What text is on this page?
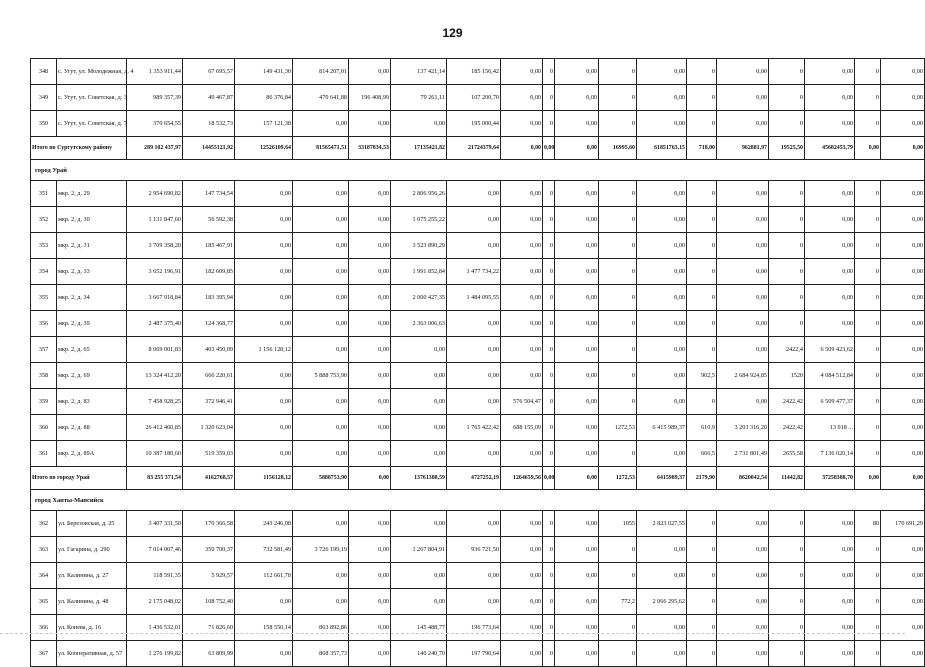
129
348	с. Угут, ул. Молодежная, д. 4	1 353 911,44	67 695,57	149 431,30	814 207,01	0,00	137 421,14	185 156,42	0,00	0	0,00	0	0,00	0	0,00	0	0,00	0	0,00
349	с. Угут, ул. Советская, д. 3	989 357,39	49 467,87	86 376,84	470 641,88	196 408,99	79 261,11	107 200,70	0,00	0	0,00	0	0,00	0	0,00	0	0,00	0	0,00
350	с. Угут, ул. Советская, д. 7	370 654,55	18 532,73	157 121,38	0,00	0,00	0,00	195 000,44	0,00	0	0,00	0	0,00	0	0,00	0	0,00	0	0,00
Итого по Сургутскому району		289 102 437,97	14455121,92	12526109,64	81565471,51	33187834,53	17135421,82	21724379,64	0,00	0,00	0,00	16995,60	61851763,15	718,00	962881,97	19525,50	45682453,79	0,00	0,00
город Урай																			
351	мкр. 2, д. 29	2 954 690,82	147 734,54	0,00	0,00	0,00	2 806 956,26	0,00	0,00	0	0,00	0	0,00	0	0,00	0	0,00	0	0,00
352	мкр. 2, д. 30	1 131 847,60	56 592,38	0,00	0,00	0,00	1 075 255,22	0,00	0,00	0	0,00	0	0,00	0	0,00	0	0,00	0	0,00
353	мкр. 2, д. 31	3 709 358,20	185 467,91	0,00	0,00	0,00	3 523 890,29	0,00	0,00	0	0,00	0	0,00	0	0,00	0	0,00	0	0,00
354	мкр. 2, д. 33	3 652 196,91	182 609,85	0,00	0,00	0,00	1 991 852,84	1 477 734,22	0,00	0	0,00	0	0,00	0	0,00	0	0,00	0	0,00
355	мкр. 2, д. 34	3 667 918,84	183 395,94	0,00	0,00	0,00	2 000 427,35	1 484 095,55	0,00	0	0,00	0	0,00	0	0,00	0	0,00	0	0,00
356	мкр. 2, д. 39	2 487 375,40	124 368,77	0,00	0,00	0,00	2 363 006,63	0,00	0,00	0	0,00	0	0,00	0	0,00	0	0,00	0	0,00
357	мкр. 2, д. 65	8 069 001,83	403 450,09	1 156 128,12	0,00	0,00	0,00	0,00	0,00	0	0,00	0	0,00	0	0,00	2422,4	6 509 423,62	0	0,00
358	мкр. 2, д. 69	13 324 412,20	666 220,61	0,00	5 888 753,90	0,00	0,00	0,00	0,00	0	0,00	0	0,00	902,5	2 684 924,85	1520	4 084 512,84	0	0,00
359	мкр. 2, д. 83	7 458 928,25	372 946,41	0,00	0,00	0,00	0,00	0,00	576 504,47	0	0,00	0	0,00	0	0,00	2422,42	6 509 477,37	0	0,00
360	мкр. 2, д. 88	26 412 460,85	1 320 623,04	0,00	0,00	0,00	0,00	1 765 422,42	688 155,09	0	0,00	1272,53	6 415 989,37	610,9	3 203 316,20	2422,42	13 018 ...	0	0,00
361	мкр. 2, д. 89А	10 387 180,60	519 359,03	0,00	0,00	0,00	0,00	0,00	0,00	0	0,00	0	0,00	666,5	2 731 801,49	2655,58	7 136 020,14	0	0,00
Итого по городу Урай		83 255 371,54	4162768,57	1156128,12	5888753,90	0,00	13761388,59	4727252,19	1264659,56	0,00	0,00	1272,53	6415989,37	2179,90	8620042,54	11442,82	37258388,70	0,00	0,00
город Ханты-Мансийск																			
362	ул. Березовская, д. 25	3 407 331,50	170 366,58	243 246,08	0,00	0,00	0,00	0,00	0,00	0	0,00	1055	2 823 027,55	0	0,00	0	0,00	80	170 691,29
363	ул. Гагарина, д. 290	7 014 007,46	350 700,37	732 581,49	3 726 199,19	0,00	1 267 804,91	936 721,50	0,00	0	0,00	0	0,00	0	0,00	0	0,00	0	0,00
364	ул. Калинина, д. 27	118 591,35	5 929,57	112 661,78	0,00	0,00	0,00	0,00	0,00	0	0,00	0	0,00	0	0,00	0	0,00	0	0,00
365	ул. Калинина, д. 48	2 175 048,02	108 752,40	0,00	0,00	0,00	0,00	0,00	0,00	0	0,00	772,2	2 066 295,62	0	0,00	0	0,00	0	0,00
366	ул. Конева, д. 16	1 436 532,01	71 826,60	158 550,14	863 892,86	0,00	145 488,77	196 773,64	0,00	0	0,00	0	0,00	0	0,00	0	0,00	0	0,00
367	ул. Кооперативная, д. 57	1 276 199,82	63 809,99	0,00	868 357,73	0,00	146 240,70	197 790,64	0,00	0	0,00	0	0,00	0	0,00	0	0,00	0	0,00
